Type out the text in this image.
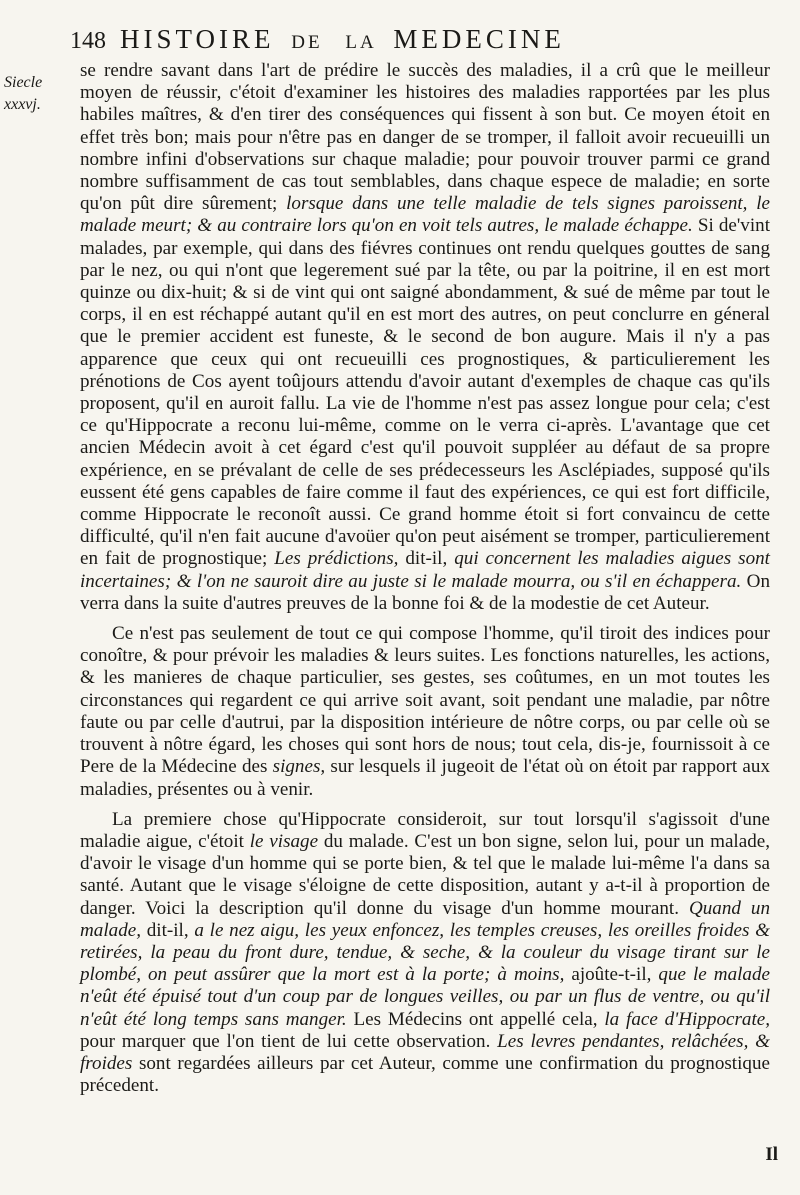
148 HISTOIRE DE LA MEDECINE
Siecle
xxxvj.

se rendre savant dans l'art de prédire le succès des maladies, il a crû que le meilleur moyen de réussir, c'étoit d'examiner les histoires des maladies rapportées par les plus habiles maîtres, & d'en tirer des conséquences qui fissent à son but. Ce moyen étoit en effet très bon; mais pour n'être pas en danger de se tromper, il falloit avoir recueuilli un nombre infini d'observations sur chaque maladie; pour pouvoir trouver parmi ce grand nombre suffisamment de cas tout semblables, dans chaque espece de maladie; en sorte qu'on pût dire sûrement; lorsque dans une telle maladie de tels signes paroissent, le malade meurt; & au contraire lors qu'on en voit tels autres, le malade échappe. Si de'vint malades, par exemple, qui dans des fiévres continues ont rendu quelques gouttes de sang par le nez, ou qui n'ont que legerement sué par la tête, ou par la poitrine, il en est mort quinze ou dix-huit; & si de vint qui ont saigné abondamment, & sué de même par tout le corps, il en est réchappé autant qu'il en est mort des autres, on peut conclurre en géneral que le premier accident est funeste, & le second de bon augure. Mais il n'y a pas apparence que ceux qui ont recueuilli ces prognostiques, & particulierement les prénotions de Cos ayent toûjours attendu d'avoir autant d'exemples de chaque cas qu'ils proposent, qu'il en auroit fallu. La vie de l'homme n'est pas assez longue pour cela; c'est ce qu'Hippocrate a reconu lui-même, comme on le verra ci-après. L'avantage que cet ancien Médecin avoit à cet égard c'est qu'il pouvoit suppléer au défaut de sa propre expérience, en se prévalant de celle de ses prédecesseurs les Asclépiades, supposé qu'ils eussent été gens capables de faire comme il faut des expériences, ce qui est fort difficile, comme Hippocrate le reconoît aussi. Ce grand homme étoit si fort convaincu de cette difficulté, qu'il n'en fait aucune d'avoüer qu'on peut aisément se tromper, particulierement en fait de prognostique; Les prédictions, dit-il, qui concernent les maladies aigues sont incertaines; & l'on ne sauroit dire au juste si le malade mourra, ou s'il en échappera. On verra dans la suite d'autres preuves de la bonne foi & de la modestie de cet Auteur.

Ce n'est pas seulement de tout ce qui compose l'homme, qu'il tiroit des indices pour conoître, & pour prévoir les maladies & leurs suites. Les fonctions naturelles, les actions, & les manieres de chaque particulier, ses gestes, ses coûtumes, en un mot toutes les circonstances qui regardent ce qui arrive soit avant, soit pendant une maladie, par nôtre faute ou par celle d'autrui, par la disposition intérieure de nôtre corps, ou par celle où se trouvent à nôtre égard, les choses qui sont hors de nous; tout cela, dis-je, fournissoit à ce Pere de la Médecine des signes, sur lesquels il jugeoit de l'état où on étoit par rapport aux maladies, présentes ou à venir.

La premiere chose qu'Hippocrate consideroit, sur tout lorsqu'il s'agissoit d'une maladie aigue, c'étoit le visage du malade. C'est un bon signe, selon lui, pour un malade, d'avoir le visage d'un homme qui se porte bien, & tel que le malade lui-même l'a dans sa santé. Autant que le visage s'éloigne de cette disposition, autant y a-t-il à proportion de danger. Voici la description qu'il donne du visage d'un homme mourant. Quand un malade, dit-il, a le nez aigu, les yeux enfoncez, les temples creuses, les oreilles froides & retirées, la peau du front dure, tendue, & seche, & la couleur du visage tirant sur le plombé, on peut assûrer que la mort est à la porte; à moins, ajoûte-t-il, que le malade n'eût été épuisé tout d'un coup par de longues veilles, ou par un flus de ventre, ou qu'il n'eût été long temps sans manger. Les Médecins ont appellé cela, la face d'Hippocrate, pour marquer que l'on tient de lui cette observation. Les levres pendantes, relâchées, & froides sont regardées ailleurs par cet Auteur, comme une confirmation du prognostique précedent.

Il
